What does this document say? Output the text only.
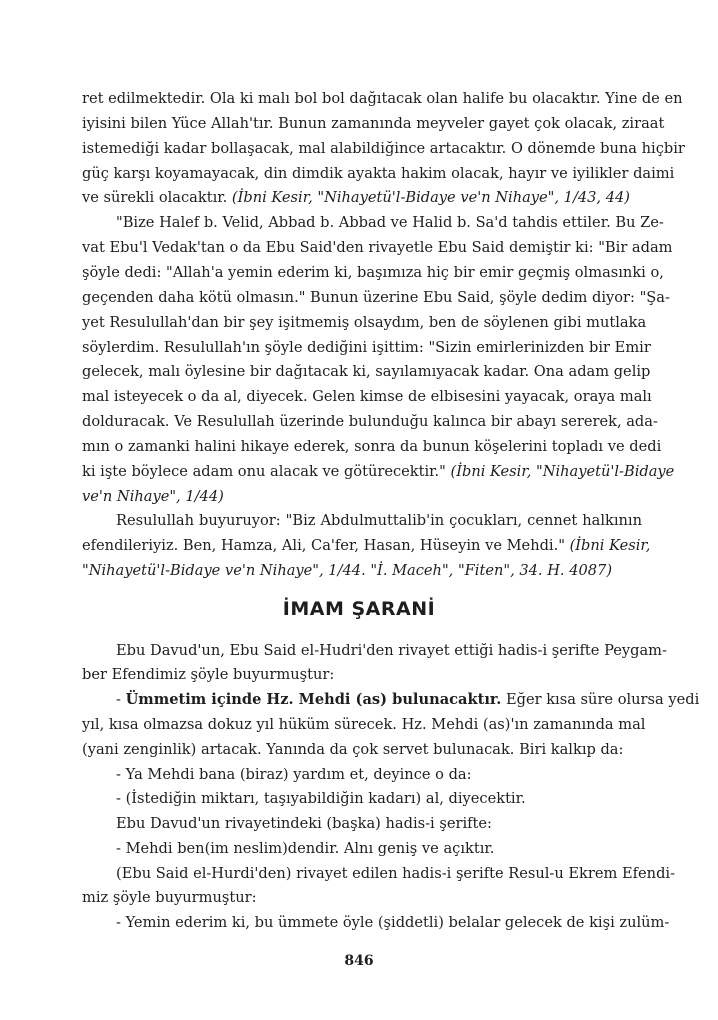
ret edilmektedir. Ola ki malı bol bol dağıtacak olan halife bu olacaktır. Yine de en
iyisini bilen Yüce Allah'tır. Bunun zamanında meyveler gayet çok olacak, ziraat
istemediği kadar bollaşacak, mal alabildiğince artacaktır. O dönemde buna hiçbir
güç karşı koyamayacak, din dimdik ayakta hakim olacak, hayır ve iyilikler daimi
ve sürekli olacaktır. (İbni Kesir, "Nihayetü'l-Bidaye ve'n Nihaye", 1/43, 44)
"Bize Halef b. Velid, Abbad b. Abbad ve Halid b. Sa'd tahdis ettiler. Bu Ze-
vat Ebu'l Vedak'tan o da Ebu Said'den rivayetle Ebu Said demiştir ki: "Bir adam
şöyle dedi: "Allah'a yemin ederim ki, başımıza hiç bir emir geçmiş olmasınki o,
geçenden daha kötü olmasın." Bunun üzerine Ebu Said, şöyle dedim diyor: "Şa-
yet Resulullah'dan bir şey işitmemiş olsaydım, ben de söylenen gibi mutlaka
söylerdim. Resulullah'ın şöyle dediğini işittim: "Sizin emirlerinizden bir Emir
gelecek, malı öylesine bir dağıtacak ki, sayılamıyacak kadar. Ona adam gelip
mal isteyecek o da al, diyecek. Gelen kimse de elbisesini yayacak, oraya malı
dolduracak. Ve Resulullah üzerinde bulunduğu kalınca bir abayı sererek, ada-
mın o zamanki halini hikaye ederek, sonra da bunun köşelerini topladı ve dedi
ki işte böylece adam onu alacak ve götürecektir." (İbni Kesir, "Nihayetü'l-Bidaye
ve'n Nihaye", 1/44)
Resulullah buyuruyor: "Biz Abdulmuttalib'in çocukları, cennet halkının
efendileriyiz. Ben, Hamza, Ali, Ca'fer, Hasan, Hüseyin ve Mehdi." (İbni Kesir,
"Nihayetü'l-Bidaye ve'n Nihaye", 1/44. "İ. Maceh", "Fiten", 34. H. 4087)
İMAM ŞARANİ
Ebu Davud'un, Ebu Said el-Hudri'den rivayet ettiği hadis-i şerifte Peygam-
ber Efendimiz şöyle buyurmuştur:
- Ümmetim içinde Hz. Mehdi (as) bulunacaktır. Eğer kısa süre olursa yedi
yıl, kısa olmazsa dokuz yıl hüküm sürecek. Hz. Mehdi (as)'ın zamanında mal
(yani zenginlik) artacak. Yanında da çok servet bulunacak. Biri kalkıp da:
- Ya Mehdi bana (biraz) yardım et, deyince o da:
- (İstediğin miktarı, taşıyabildiğin kadarı) al, diyecektir.
Ebu Davud'un rivayetindeki (başka) hadis-i şerifte:
- Mehdi ben(im neslim)dendir. Alnı geniş ve açıktır.
(Ebu Said el-Hurdi'den) rivayet edilen hadis-i şerifte Resul-u Ekrem Efendi-
miz şöyle buyurmuştur:
- Yemin ederim ki, bu ümmete öyle (şiddetli) belalar gelecek de kişi zulüm-
846
